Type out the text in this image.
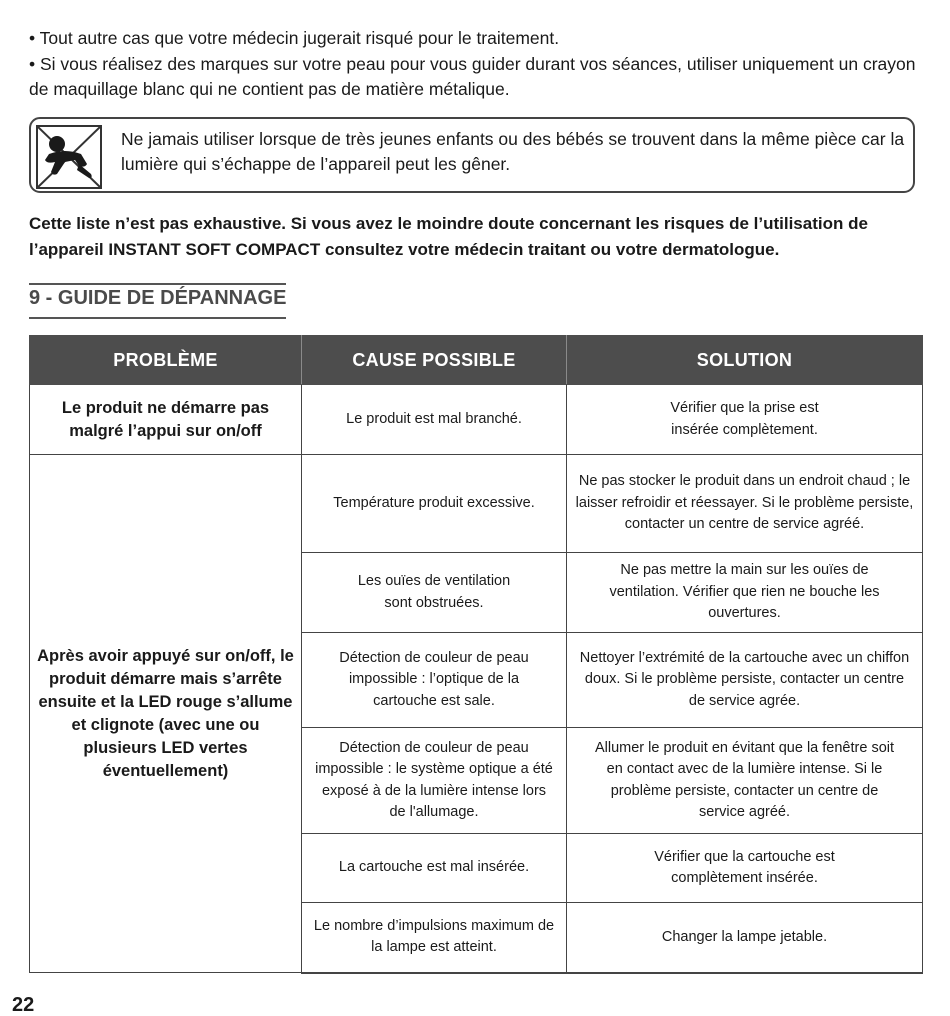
• Tout autre cas que votre médecin jugerait risqué pour le traitement.

• Si vous réalisez des marques sur votre peau pour vous guider durant vos séances, utiliser uniquement un crayon de maquillage blanc qui ne contient pas de matière métalique.

Ne jamais utiliser lorsque de très jeunes enfants ou des bébés se trouvent dans la même pièce car la lumière qui s’échappe de l’appareil peut les gêner.
Cette liste n’est pas exhaustive. Si vous avez le moindre doute concernant les risques de l’utilisation de l’appareil INSTANT SOFT COMPACT consultez votre médecin traitant ou votre dermatologue.
9 - GUIDE DE DÉPANNAGE
PROBLÈME	CAUSE POSSIBLE	SOLUTION
Le produit ne démarre pas malgré l’appui sur on/off	Le produit est mal branché.	Vérifier que la prise est insérée complètement.
Après avoir appuyé sur on/off, le produit démarre mais s’arrête ensuite et la LED rouge s’allume et clignote (avec une ou plusieurs LED vertes éventuellement)	Température produit excessive.	Ne pas stocker le produit dans un endroit chaud ; le laisser refroidir et réessayer. Si le problème persiste, contacter un centre de service agréé.
	Les ouïes de ventilation sont obstruées.	Ne pas mettre la main sur les ouïes de ventilation. Vérifier que rien ne bouche les ouvertures.
	Détection de couleur de peau impossible : l’optique de la cartouche est sale.	Nettoyer l’extrémité de la cartouche avec un chiffon doux. Si le problème persiste, contacter un centre de service agrée.
	Détection de couleur de peau impossible : le système optique a été exposé à de la lumière intense lors de l'allumage.	Allumer le produit en évitant que la fenêtre soit en contact avec de la lumière intense. Si le problème persiste, contacter un centre de service agréé.
	La cartouche est mal insérée.	Vérifier que la cartouche est complètement insérée.
	Le nombre d’impulsions maximum de la lampe est atteint.	Changer la lampe jetable.
22
